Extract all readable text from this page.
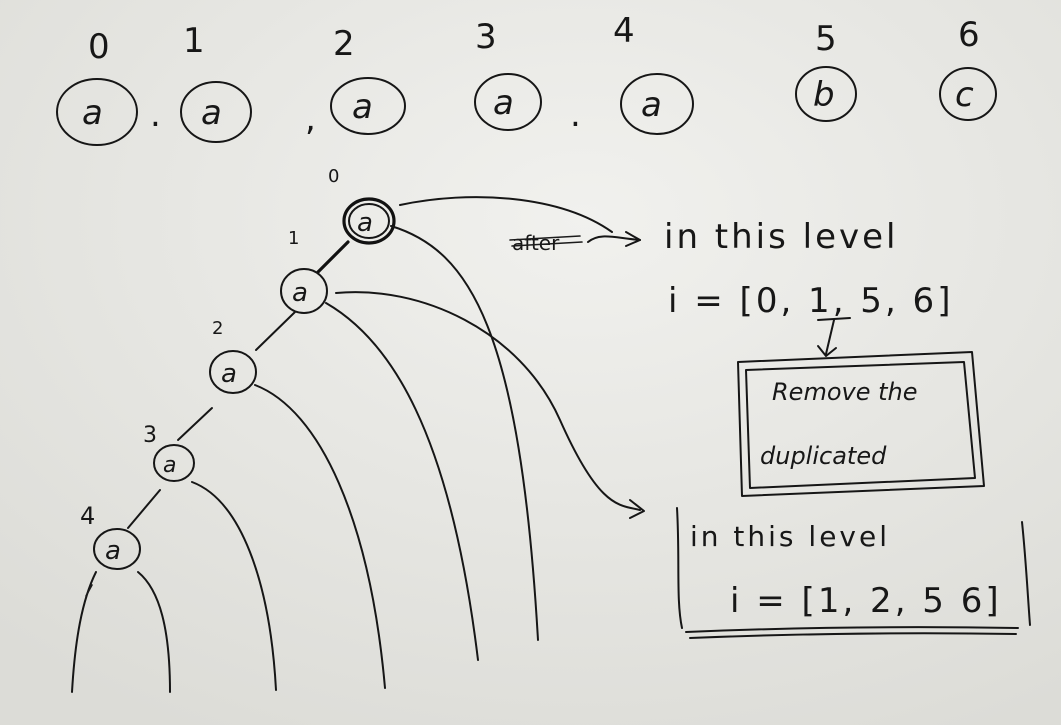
0 1	2	3	4	5	6
a	a	a	a	a	b	c
.	,	.
0
1
2
3
4
a
a
a
a
a
after	in this level
i = [0, 1, 5, 6]
Remove the
duplicated
in this level
i = [1, 2, 5 6]
